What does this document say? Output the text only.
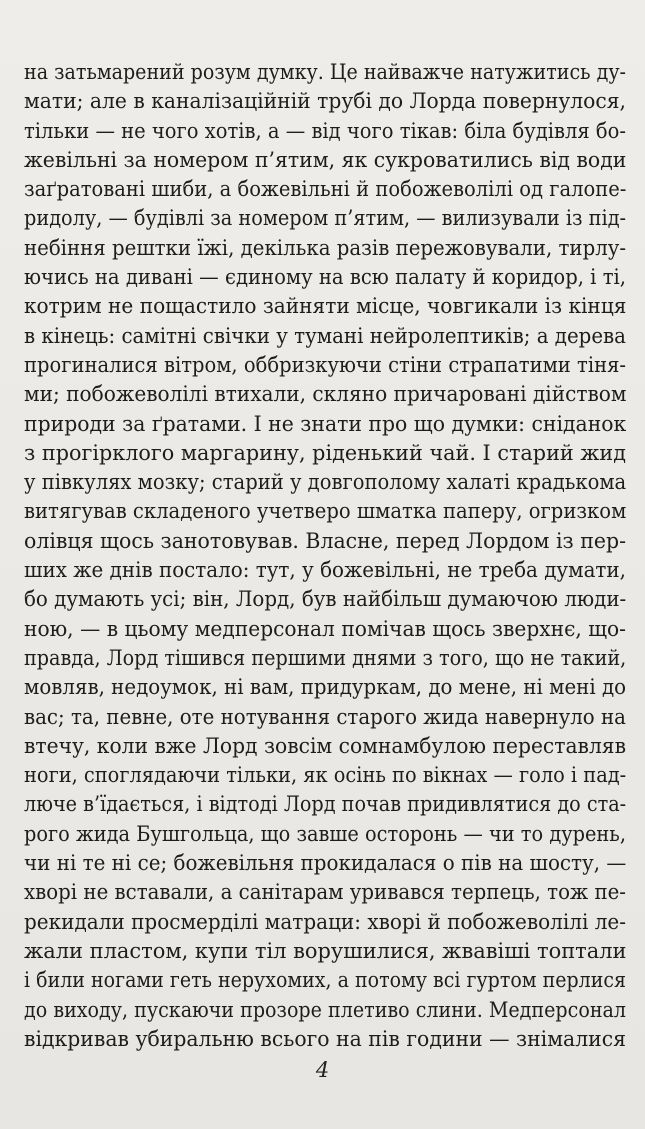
на затьмарений розум думку. Це найважче натужитись ду-
мати; але в каналізаційній трубі до Лорда повернулося,
тільки — не чого хотів, а — від чого тікав: біла будівля бо-
жевільні за номером п’ятим, як сукроватились від води
заґратовані шиби, а божевільні й побожеволілі од галопе-
ридолу, — будівлі за номером п’ятим, — вилизували із під-
небіння рештки їжі, декілька разів пережовували, тирлу-
ючись на дивані — єдиному на всю палату й коридор, і ті,
котрим не пощастило зайняти місце, човгикали із кінця
в кінець: самітні свічки у тумані нейролептиків; а дерева
прогиналися вітром, оббризкуючи стіни страпатими тіня-
ми; побожеволілі втихали, скляно причаровані дійством
природи за ґратами. І не знати про що думки: сніданок
з прогірклого маргарину, ріденький чай. І старий жид
у півкулях мозку; старий у довгополому халаті крадькома
витягував складеного учетверо шматка паперу, огризком
олівця щось занотовував. Власне, перед Лордом із пер-
ших же днів постало: тут, у божевільні, не треба думати,
бо думають усі; він, Лорд, був найбільш думаючою люди-
ною, — в цьому медперсонал помічав щось зверхнє, що-
правда, Лорд тішився першими днями з того, що не такий,
мовляв, недоумок, ні вам, придуркам, до мене, ні мені до
вас; та, певне, оте нотування старого жида навернуло на
втечу, коли вже Лорд зовсім сомнамбулою переставляв
ноги, споглядаючи тільки, як осінь по вікнах — голо і пад-
люче в’їдається, і відтоді Лорд почав придивлятися до ста-
рого жида Бушгольца, що завше осторонь — чи то дурень,
чи ні те ні се; божевільня прокидалася о пів на шосту, —
хворі не вставали, а санітарам уривався терпець, тож пе-
рекидали просмерділі матраци: хворі й побожеволілі ле-
жали пластом, купи тіл ворушилися, жвавіші топтали
і били ногами геть нерухомих, а потому всі гуртом перлися
до виходу, пускаючи прозоре плетиво слини. Медперсонал
відкривав убиральню всього на пів години — знімалися
4
